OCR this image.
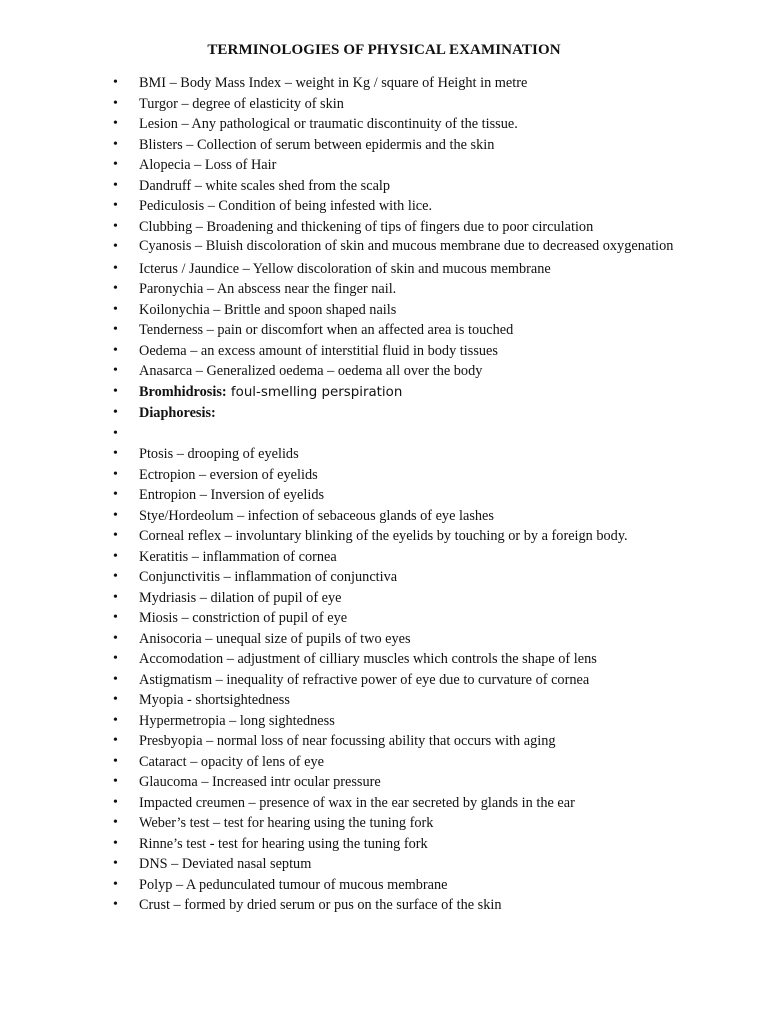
TERMINOLOGIES OF PHYSICAL EXAMINATION
• BMI – Body Mass Index – weight in Kg / square of Height in metre
• Turgor – degree of elasticity of skin
• Lesion – Any pathological or traumatic discontinuity of the tissue.
• Blisters – Collection of serum between epidermis and the skin
• Alopecia – Loss of Hair
• Dandruff – white scales shed from the scalp
• Pediculosis – Condition of being infested with lice.
• Clubbing – Broadening and thickening of tips of fingers due to poor circulation
• Cyanosis – Bluish discoloration of skin and mucous membrane due to decreased oxygenation
• Icterus / Jaundice – Yellow discoloration of skin and mucous membrane
• Paronychia – An abscess near the finger nail.
• Koilonychia – Brittle and spoon shaped nails
• Tenderness – pain or discomfort when an affected area is touched
• Oedema – an excess amount of interstitial fluid in body tissues
• Anasarca – Generalized oedema – oedema all over the body
• Bromhidrosis: foul-smelling perspiration
• Diaphoresis:
•
• Ptosis – drooping of eyelids
• Ectropion – eversion of eyelids
• Entropion – Inversion of eyelids
• Stye/Hordeolum – infection of sebaceous glands of eye lashes
• Corneal reflex – involuntary blinking of the eyelids by touching or by a foreign body.
• Keratitis – inflammation of cornea
• Conjunctivitis – inflammation of conjunctiva
• Mydriasis – dilation of pupil of eye
• Miosis – constriction of pupil of eye
• Anisocoria – unequal size of pupils of two eyes
• Accomodation – adjustment of cilliary muscles which controls the shape of lens
• Astigmatism – inequality of refractive power of eye due to curvature of cornea
• Myopia - shortsightedness
• Hypermetropia – long sightedness
• Presbyopia – normal loss of near focussing ability that occurs with aging
• Cataract – opacity of lens of eye
• Glaucoma – Increased intr ocular pressure
• Impacted creumen – presence of wax in the ear secreted by glands in the ear
• Weber’s test – test for hearing using the tuning fork
• Rinne’s test - test for hearing using the tuning fork
• DNS – Deviated nasal septum
• Polyp – A pedunculated tumour of mucous membrane
• Crust – formed by dried serum or pus on the surface of the skin
